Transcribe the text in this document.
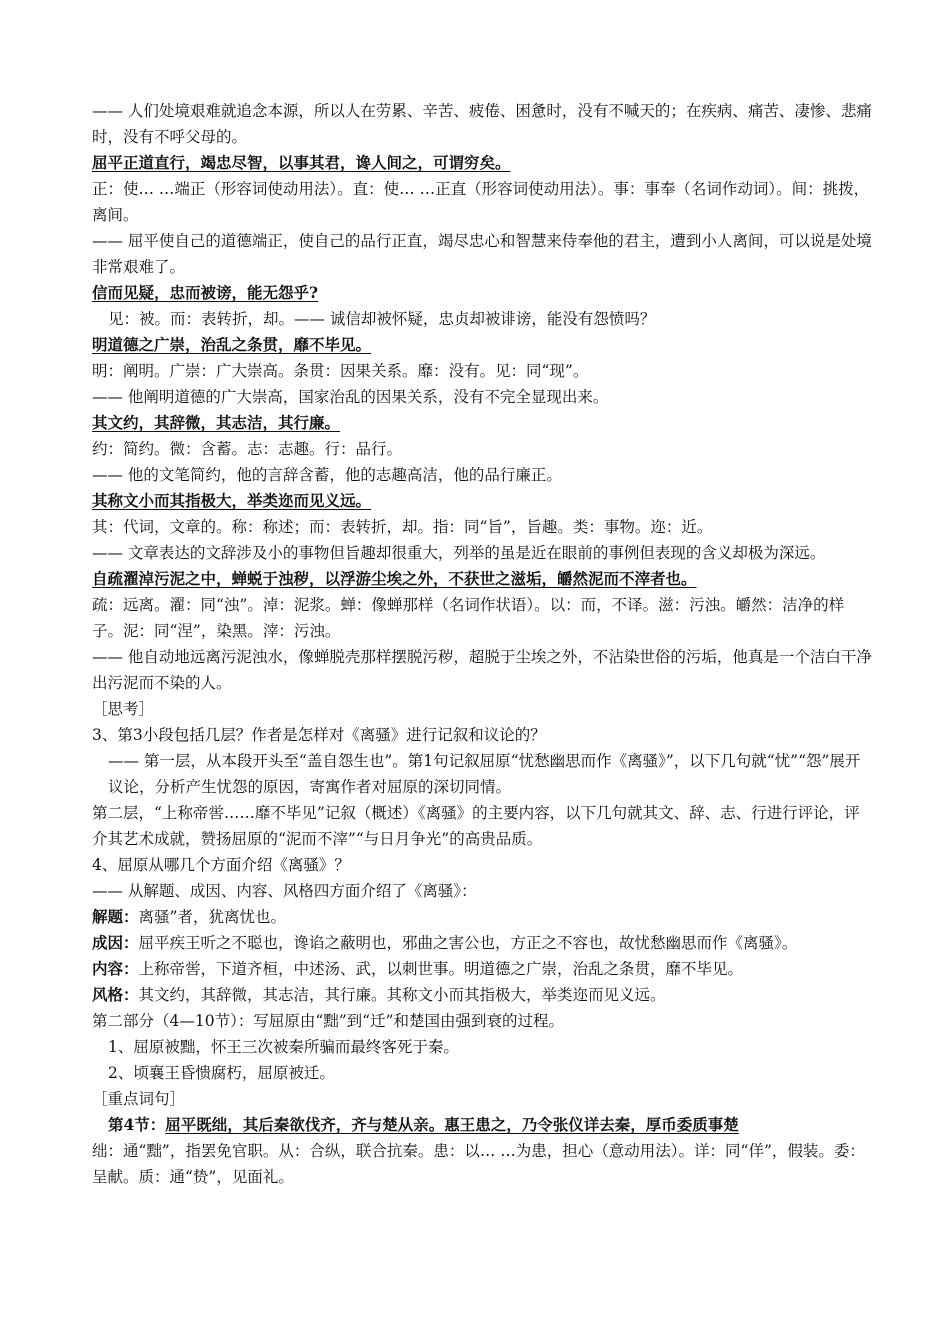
—— 人们处境艰难就追念本源，所以人在劳累、辛苦、疲倦、困惫时，没有不喊天的；在疾病、痛苦、凄惨、悲痛时，没有不呼父母的。
屈平正道直行，竭忠尽智，以事其君，谗人间之，可谓穷矣。
正：使… …端正（形容词使动用法）。直：使… …正直（形容词使动用法）。事：事奉（名词作动词）。间：挑拨，离间。
—— 屈平使自己的道德端正，使自己的品行正直，竭尽忠心和智慧来侍奉他的君主，遭到小人离间，可以说是处境非常艰难了。
信而见疑，忠而被谤，能无怨乎?
见：被。而：表转折，却。—— 诚信却被怀疑，忠贞却被诽谤，能没有怨愤吗？
明道德之广崇，治乱之条贯，靡不毕见。
明：阐明。广崇：广大崇高。条贯：因果关系。靡：没有。见：同“现”。
—— 他阐明道德的广大崇高，国家治乱的因果关系，没有不完全显现出来。
其文约，其辞微，其志洁，其行廉。
约：简约。微：含蓄。志：志趣。行：品行。
—— 他的文笔简约，他的言辞含蓄，他的志趣高洁，他的品行廉正。
其称文小而其指极大，举类迩而见义远。
其：代词，文章的。称：称述；而：表转折，却。指：同“旨”，旨趣。类：事物。迩：近。
—— 文章表达的文辞涉及小的事物但旨趣却很重大，列举的虽是近在眼前的事例但表现的含义却极为深远。
自疏濯淖污泥之中，蝉蜕于浊秽，以浮游尘埃之外，不获世之滋垢，皭然泥而不滓者也。
疏：远离。濯：同“浊”。淖：泥浆。蝉：像蝉那样（名词作状语）。以：而，不译。滋：污浊。皭然：洁净的样子。泥：同“涅”，染黑。滓：污浊。
—— 他自动地远离污泥浊水，像蝉脱壳那样摆脱污秽，超脱于尘埃之外，不沾染世俗的污垢，他真是一个洁白干净出污泥而不染的人。
［思考］
3、第3小段包括几层？作者是怎样对《离骚》进行记叙和议论的？
—— 第一层，从本段开头至“盖自怨生也”。第1句记叙屈原“忧愁幽思而作《离骚》”，以下几句就“忧”“怨”展开议论，分析产生忧怨的原因，寄寓作者对屈原的深切同情。
第二层，“上称帝喾……靡不毕见”记叙（概述）《离骚》的主要内容，以下几句就其文、辞、志、行进行评论，评介其艺术成就，赞扬屈原的“泥而不滓”“与日月争光”的高贵品质。
4、屈原从哪几个方面介绍《离骚》？
—— 从解题、成因、内容、风格四方面介绍了《离骚》：
解题：离骚”者，犹离忧也。
成因：屈平疾王听之不聪也，谗谄之蔽明也，邪曲之害公也，方正之不容也，故忧愁幽思而作《离骚》。
内容：上称帝喾，下道齐桓，中述汤、武，以刺世事。明道德之广崇，治乱之条贯，靡不毕见。
风格：其文约，其辞微，其志洁，其行廉。其称文小而其指极大，举类迩而见义远。
第二部分（4—10节）：写屈原由“黜”到“迁”和楚国由强到衰的过程。
1、屈原被黜，怀王三次被秦所骗而最终客死于秦。
2、顷襄王昏愦腐朽，屈原被迁。
［重点词句］
第4节：屈平既绌，其后秦欲伐齐，齐与楚从亲。惠王患之，乃令张仪详去秦，厚币委质事楚
绌：通“黜”，指罢免官职。从：合纵，联合抗秦。患：以… …为患，担心（意动用法）。详：同“佯”，假装。委：呈献。质：通“贽”，见面礼。
